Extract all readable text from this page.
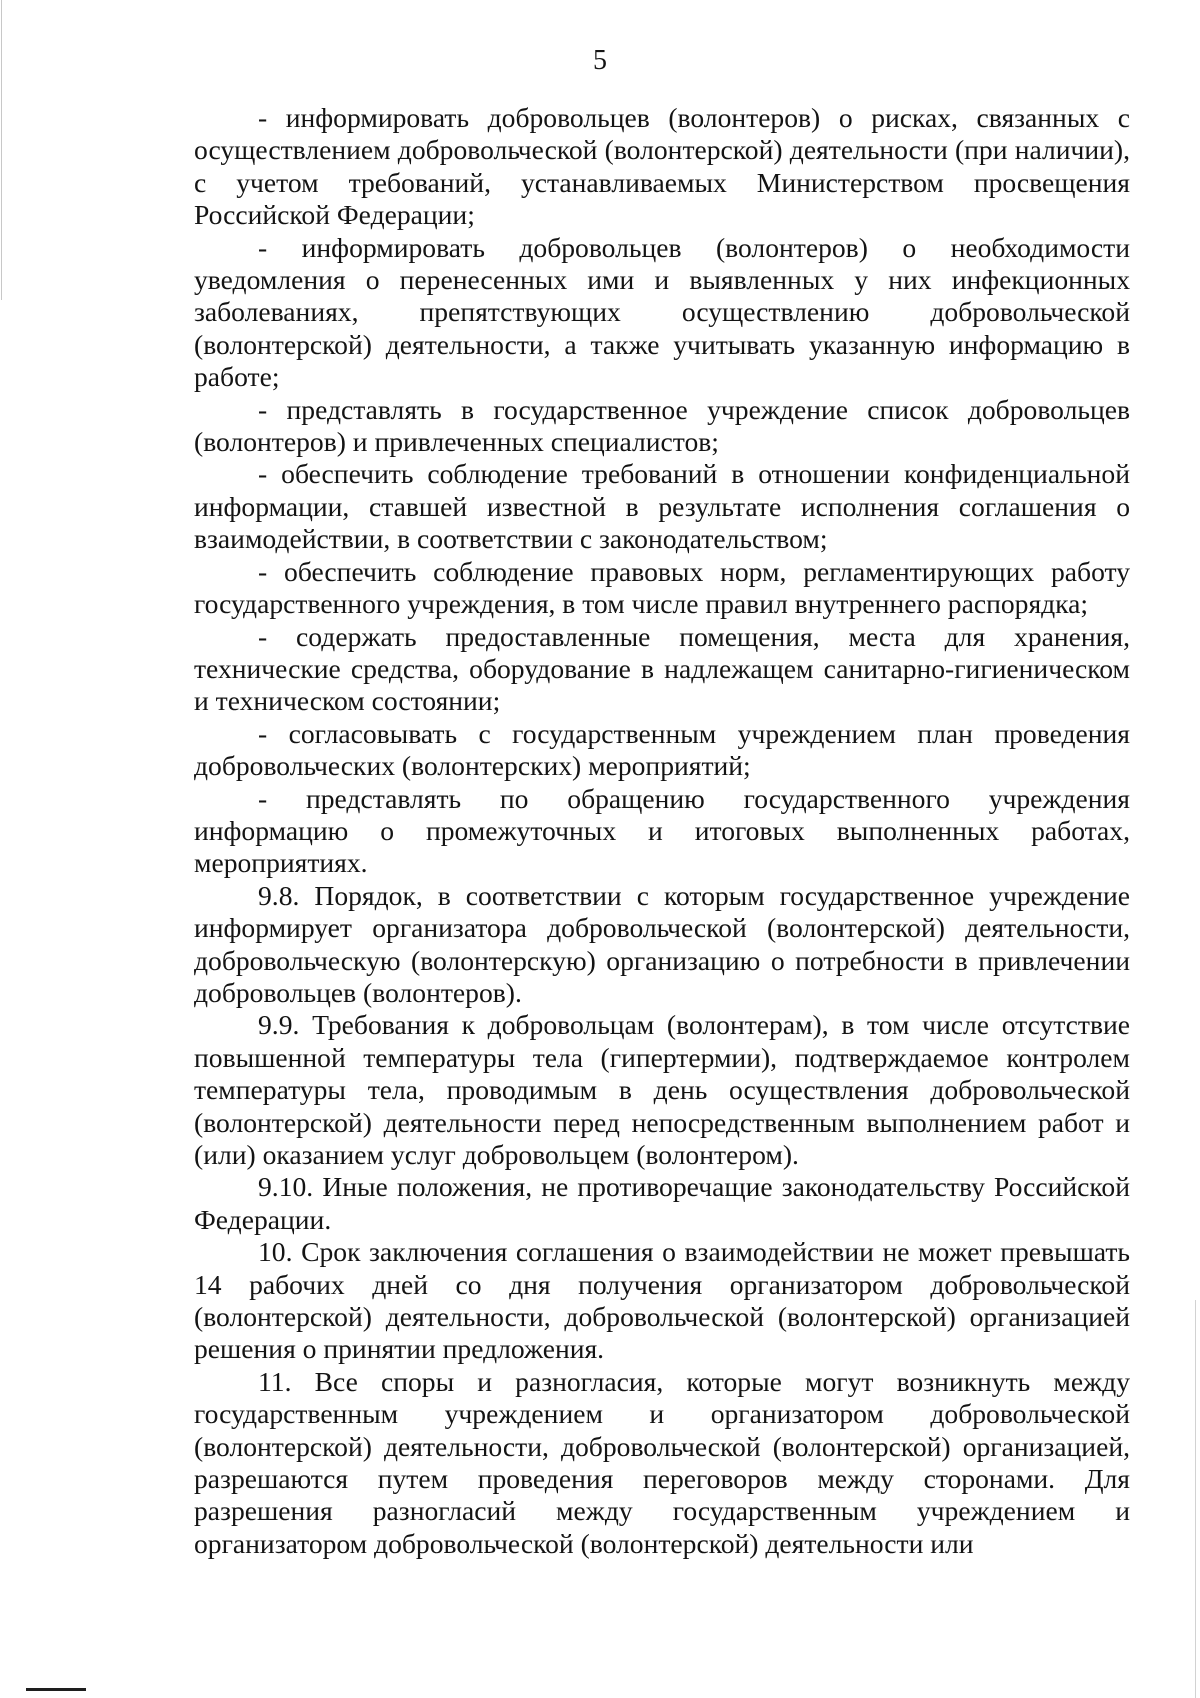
5

- информировать добровольцев (волонтеров) о рисках, связанных с осуществлением добровольческой (волонтерской) деятельности (при наличии), с учетом требований, устанавливаемых Министерством просвещения Российской Федерации;

- информировать добровольцев (волонтеров) о необходимости уведомления о перенесенных ими и выявленных у них инфекционных заболеваниях, препятствующих осуществлению добровольческой (волонтерской) деятельности, а также учитывать указанную информацию в работе;

- представлять в государственное учреждение список добровольцев (волонтеров) и привлеченных специалистов;

- обеспечить соблюдение требований в отношении конфиденциальной информации, ставшей известной в результате исполнения соглашения о взаимодействии, в соответствии с законодательством;

- обеспечить соблюдение правовых норм, регламентирующих работу государственного учреждения, в том числе правил внутреннего распорядка;

- содержать предоставленные помещения, места для хранения, технические средства, оборудование в надлежащем санитарно-гигиеническом и техническом состоянии;

- согласовывать с государственным учреждением план проведения добровольческих (волонтерских) мероприятий;

- представлять по обращению государственного учреждения информацию о промежуточных и итоговых выполненных работах, мероприятиях.

9.8. Порядок, в соответствии с которым государственное учреждение информирует организатора добровольческой (волонтерской) деятельности, добровольческую (волонтерскую) организацию о потребности в привлечении добровольцев (волонтеров).

9.9. Требования к добровольцам (волонтерам), в том числе отсутствие повышенной температуры тела (гипертермии), подтверждаемое контролем температуры тела, проводимым в день осуществления добровольческой (волонтерской) деятельности перед непосредственным выполнением работ и (или) оказанием услуг добровольцем (волонтером).

9.10. Иные положения, не противоречащие законодательству Российской Федерации.

10. Срок заключения соглашения о взаимодействии не может превышать 14 рабочих дней со дня получения организатором добровольческой (волонтерской) деятельности, добровольческой (волонтерской) организацией решения о принятии предложения.

11. Все споры и разногласия, которые могут возникнуть между государственным учреждением и организатором добровольческой (волонтерской) деятельности, добровольческой (волонтерской) организацией, разрешаются путем проведения переговоров между сторонами. Для разрешения разногласий между государственным учреждением и организатором добровольческой (волонтерской) деятельности или
